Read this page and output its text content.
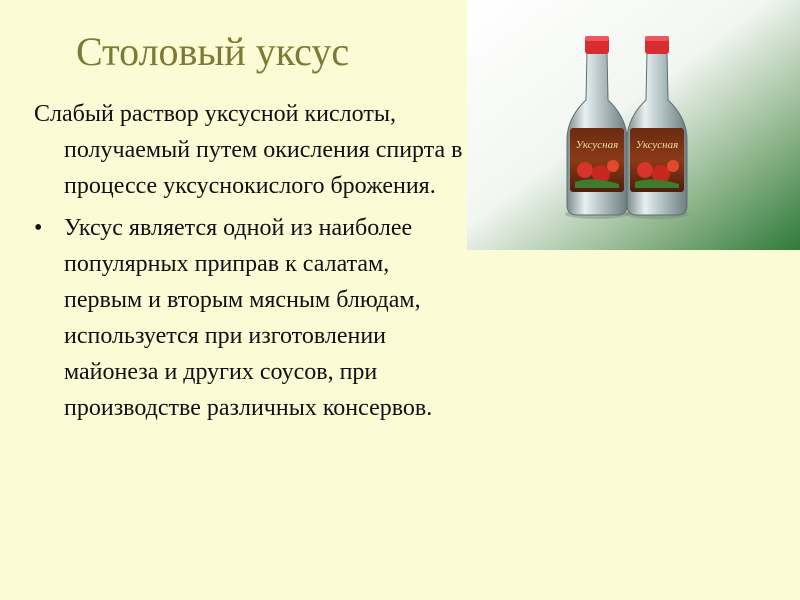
Столовый уксус

Слабый раствор уксусной кислоты, получаемый путем окисления спирта в процессе уксуснокислого брожения.

• Уксус является одной из наиболее популярных приправ к салатам, первым и вторым мясным блюдам, используется при изготовлении майонеза и других соусов, при производстве различных консервов.
Уксусная Уксусная
